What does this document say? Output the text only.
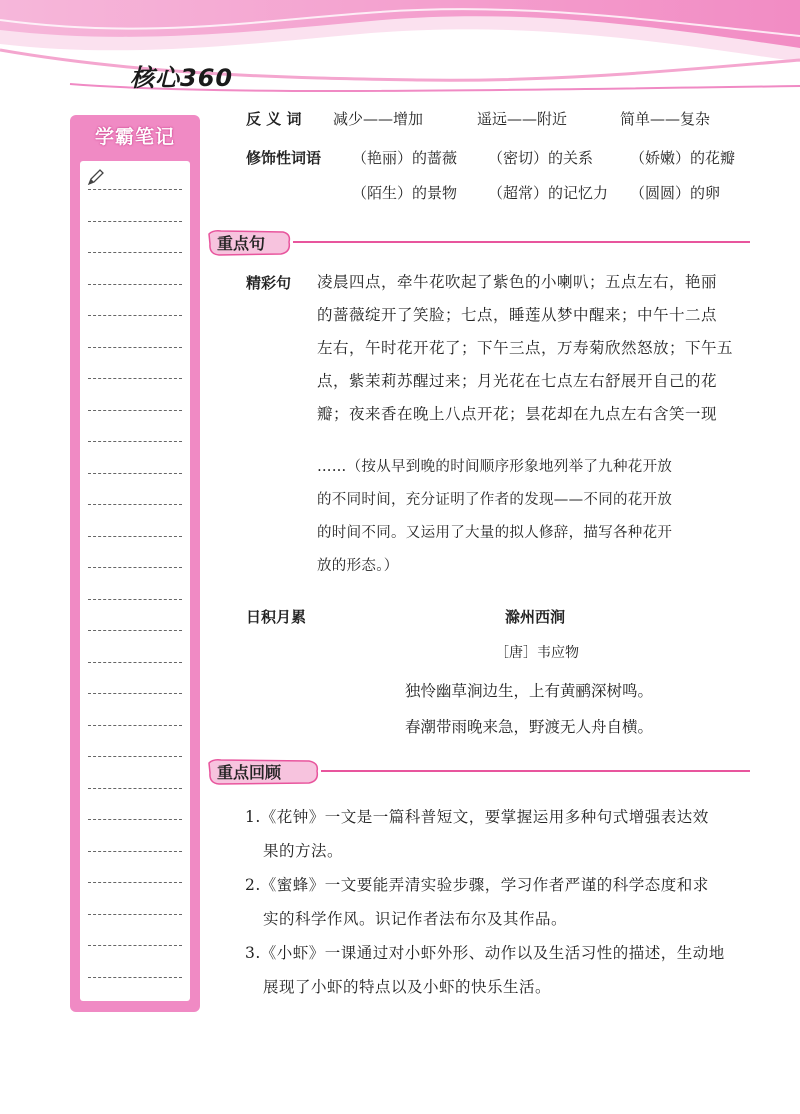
核心360
学霸笔记
反 义 词 减少——增加	遥远——附近	简单——复杂
修饰性词语 （艳丽）的蔷薇 （密切）的关系 （娇嫩）的花瓣
（陌生）的景物 （超常）的记忆力 （圆圆）的卵
重点句
精彩句 凌晨四点，牵牛花吹起了紫色的小喇叭；五点左右，艳丽
的蔷薇绽开了笑脸；七点，睡莲从梦中醒来；中午十二点
左右，午时花开花了；下午三点，万寿菊欣然怒放；下午五
点，紫茉莉苏醒过来；月光花在七点左右舒展开自己的花
瓣；夜来香在晚上八点开花；昙花却在九点左右含笑一现
……（按从早到晚的时间顺序形象地列举了九种花开放
的不同时间，充分证明了作者的发现——不同的花开放
的时间不同。又运用了大量的拟人修辞，描写各种花开
放的形态。）
日积月累	滁州西涧
［唐］韦应物
独怜幽草涧边生，上有黄鹂深树鸣。
春潮带雨晚来急，野渡无人舟自横。
重点回顾
1.《花钟》一文是一篇科普短文，要掌握运用多种句式增强表达效
果的方法。
2.《蜜蜂》一文要能弄清实验步骤，学习作者严谨的科学态度和求
实的科学作风。识记作者法布尔及其作品。
3.《小虾》一课通过对小虾外形、动作以及生活习性的描述，生动地
展现了小虾的特点以及小虾的快乐生活。
